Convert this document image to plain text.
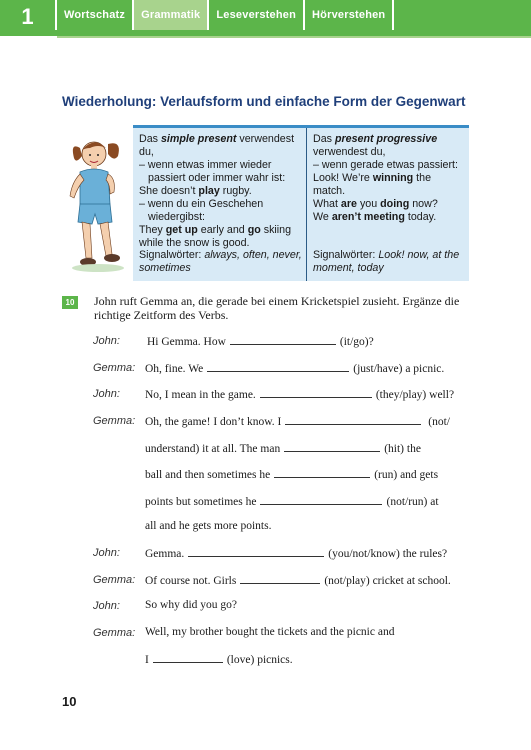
1	Wortschatz	Grammatik	Leseverstehen	Hörverstehen
Wiederholung: Verlaufsform und einfache Form der Gegenwart

Das simple present verwendest du,

– wenn etwas immer wieder passiert oder immer wahr ist:

She doesn’t play rugby.

– wenn du ein Geschehen wiedergibst:

They get up early and go skiing while the snow is good.

Signalwörter: always, often, never, sometimes

Das present progressive verwendest du,

– wenn gerade etwas passiert:

Look! We’re winning the match.

What are you doing now?

We aren’t meeting today.

Signalwörter: Look! now, at the moment, today
10 John ruft Gemma an, die gerade bei einem Kricketspiel zusieht. Ergänze die richtige Zeitform des Verbs.
John: Hi Gemma. How	(it/go)?
Gemma: Oh, fine. We	(just/have) a picnic.
John: No, I mean in the game.	(they/play) well?
Gemma: Oh, the game! I don’t know. I	(not/
understand) it at all. The man	(hit) the
ball and then sometimes he	(run) and gets
points but sometimes he	(not/run) at
all and he gets more points.
John: Gemma.	(you/not/know) the rules?
Gemma: Of course not. Girls	(not/play) cricket at school.
John: So why did you go?
Gemma: Well, my brother bought the tickets and the picnic and
I	(love) picnics.
10
